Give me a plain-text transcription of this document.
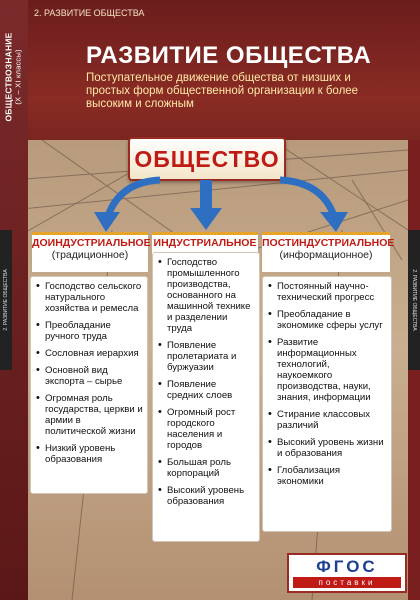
ОБЩЕСТВОЗНАНИЕ (X – XI классы)
2. РАЗВИТИЕ ОБЩЕСТВА	2. РАЗВИТИЕ ОБЩЕСТВА
2. РАЗВИТИЕ ОБЩЕСТВА
РАЗВИТИЕ ОБЩЕСТВА
Поступательное движение общества от низших и простых форм общественной организации к более высоким и сложным
ОБЩЕСТВО
ДОИНДУСТРИАЛЬНОЕ
(традиционное)
ИНДУСТРИАЛЬНОЕ ПОСТИНДУСТРИАЛЬНОЕ
(информационное)
• Господство сельского натурального хозяйства и ремесла
• Преобладание ручного труда
• Сословная иерархия
• Основной вид экспорта – сырье
• Огромная роль государства, церкви и армии в политической жизни
• Низкий уровень образования
• Господство промышленного производства, основанного на машинной технике и разделении труда
• Появление пролетариата и буржуазии
• Появление средних слоев
• Огромный рост городского населения и городов
• Большая роль корпораций
• Высокий уровень образования
• Постоянный научно-технический прогресс
• Преобладание в экономике сферы услуг
• Развитие информационных технологий, наукоемкого производства, науки, знания, информации
• Стирание классовых различий
• Высокий уровень жизни и образования
• Глобализация экономики
ФГОС
поставки
